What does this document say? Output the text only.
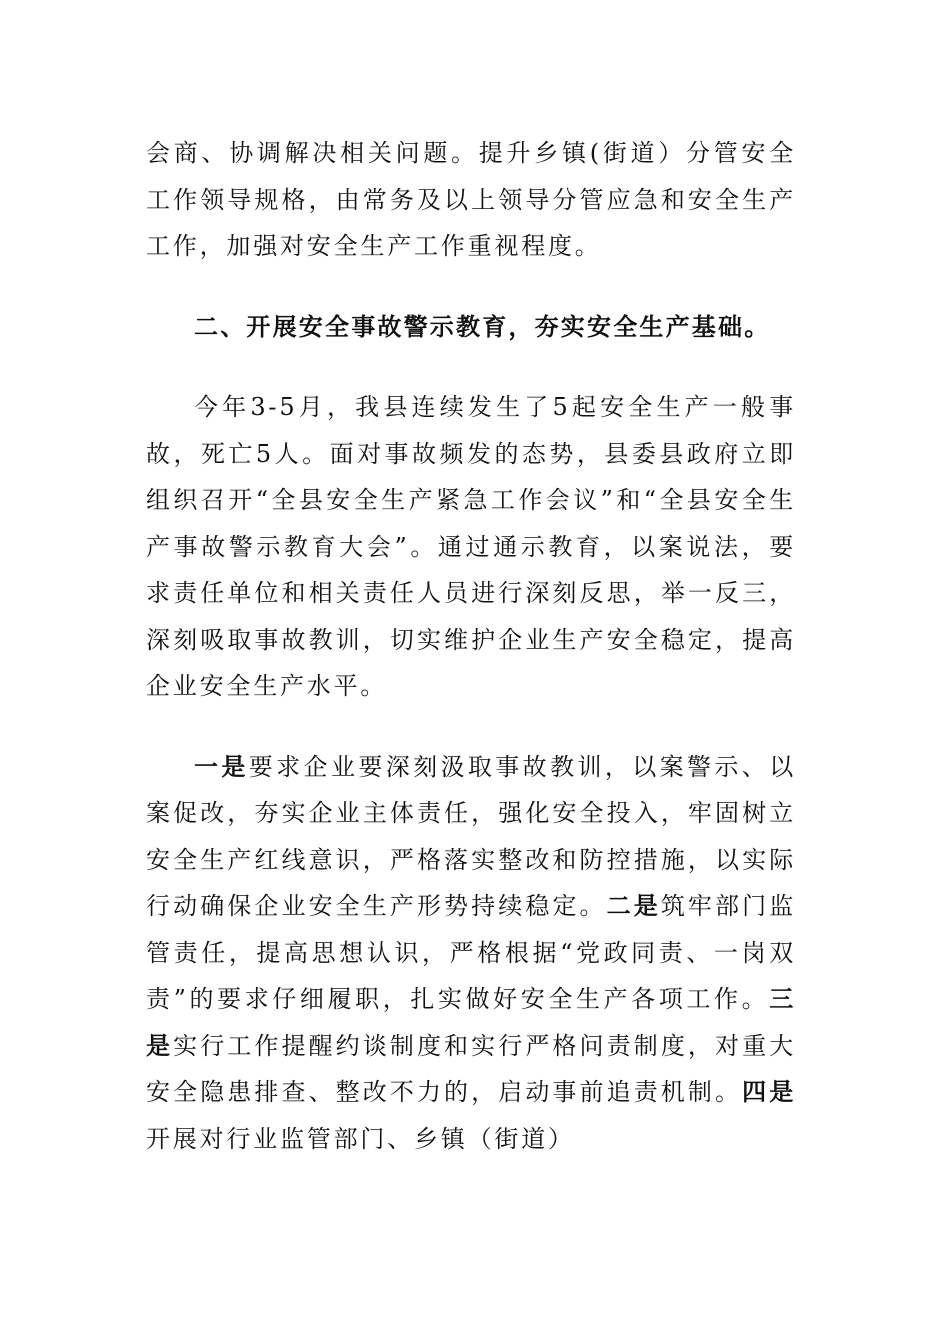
会商、协调解决相关问题。提升乡镇(街道）分管安全工作领导规格，由常务及以上领导分管应急和安全生产工作，加强对安全生产工作重视程度。

二、开展安全事故警示教育，夯实安全生产基础。

今年3-5月，我县连续发生了5起安全生产一般事故，死亡5人。面对事故频发的态势，县委县政府立即组织召开“全县安全生产紧急工作会议”和“全县安全生产事故警示教育大会”。通过通示教育，以案说法，要求责任单位和相关责任人员进行深刻反思，举一反三，深刻吸取事故教训，切实维护企业生产安全稳定，提高企业安全生产水平。

一是要求企业要深刻汲取事故教训，以案警示、以案促改，夯实企业主体责任，强化安全投入，牢固树立安全生产红线意识，严格落实整改和防控措施，以实际行动确保企业安全生产形势持续稳定。二是筑牢部门监管责任，提高思想认识，严格根据“党政同责、一岗双责”的要求仔细履职，扎实做好安全生产各项工作。三是实行工作提醒约谈制度和实行严格问责制度，对重大安全隐患排查、整改不力的，启动事前追责机制。四是开展对行业监管部门、乡镇（街道）
